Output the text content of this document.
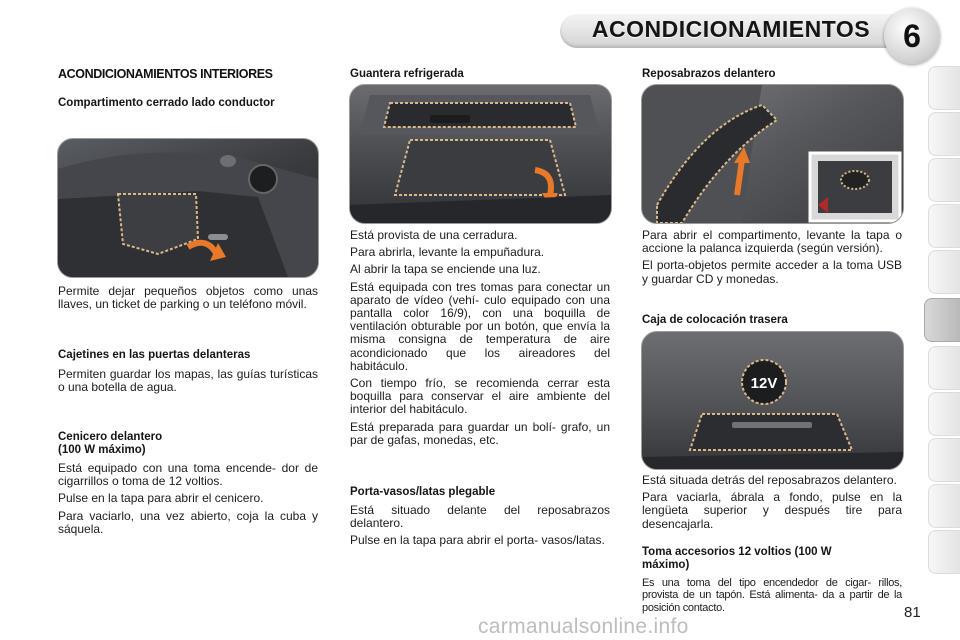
ACONDICIONAMIENTOS	6
ACONDICIONAMIENTOS INTERIORES
Compartimento cerrado lado conductor

Permite dejar pequeños objetos como unas llaves, un ticket de parking o un teléfono móvil.

Cajetines en las puertas delanteras

Permiten guardar los mapas, las guías turísticas o una botella de agua.

Cenicero delantero
(100 W máximo)

Está equipado con una toma encende- dor de cigarrillos o toma de 12 voltios.

Pulse en la tapa para abrir el cenicero.

Para vaciarlo, una vez abierto, coja la cuba y sáquela.

Guantera refrigerada

Está provista de una cerradura.

Para abrirla, levante la empuñadura.

Al abrir la tapa se enciende una luz.

Está equipada con tres tomas para conectar un aparato de vídeo (vehí- culo equipado con una pantalla color 16/9), con una boquilla de ventilación obturable por un botón, que envía la misma consigna de temperatura de aire acondicionado que los aireadores del habitáculo.

Con tiempo frío, se recomienda cerrar esta boquilla para conservar el aire ambiente del interior del habitáculo.

Está preparada para guardar un bolí- grafo, un par de gafas, monedas, etc.

Porta-vasos/latas plegable

Está situado delante del reposabrazos delantero.

Pulse en la tapa para abrir el porta- vasos/latas.

Reposabrazos delantero

Para abrir el compartimento, levante la tapa o accione la palanca izquierda (según versión).

El porta-objetos permite acceder a la toma USB y guardar CD y monedas.

Caja de colocación trasera
12V

Está situada detrás del reposabrazos delantero.

Para vaciarla, ábrala a fondo, pulse en la lengüeta superior y después tire para desencajarla.

Toma accesorios 12 voltios (100 W
máximo)

Es una toma del tipo encendedor de cigar- rillos, provista de un tapón. Está alimenta- da a partir de la posición contacto.	81
carmanualsonline.info
